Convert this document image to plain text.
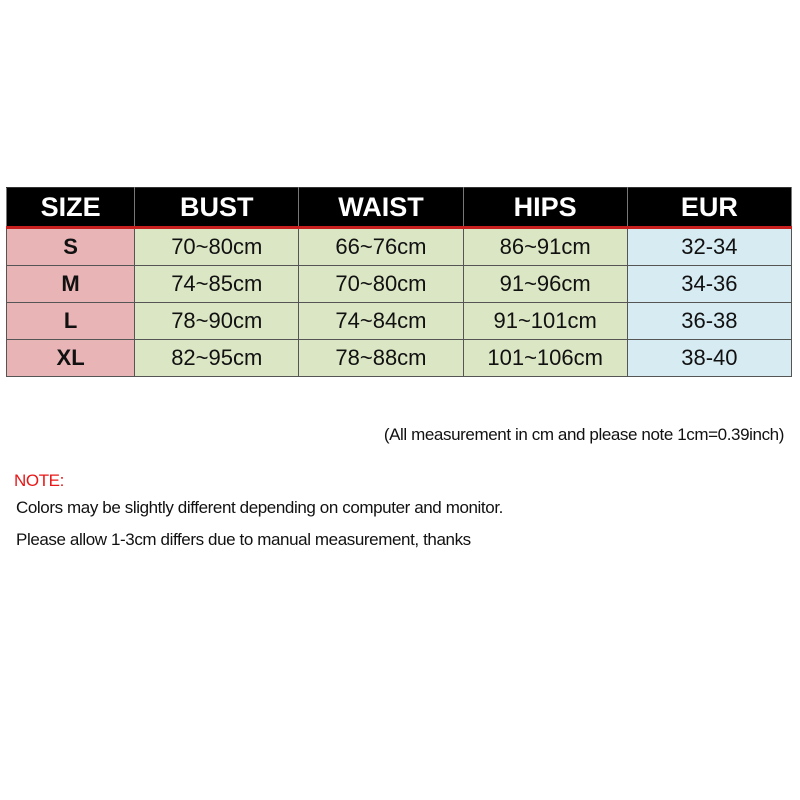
SIZE	BUST	WAIST	HIPS	EUR
S	70~80cm	66~76cm	86~91cm	32-34
M	74~85cm	70~80cm	91~96cm	34-36
L	78~90cm	74~84cm	91~101cm	36-38
XL	82~95cm	78~88cm	101~106cm	38-40
(All measurement in cm and please note 1cm=0.39inch)
NOTE:
Colors may be slightly different depending on computer and monitor.
Please allow 1-3cm differs due to manual measurement, thanks
